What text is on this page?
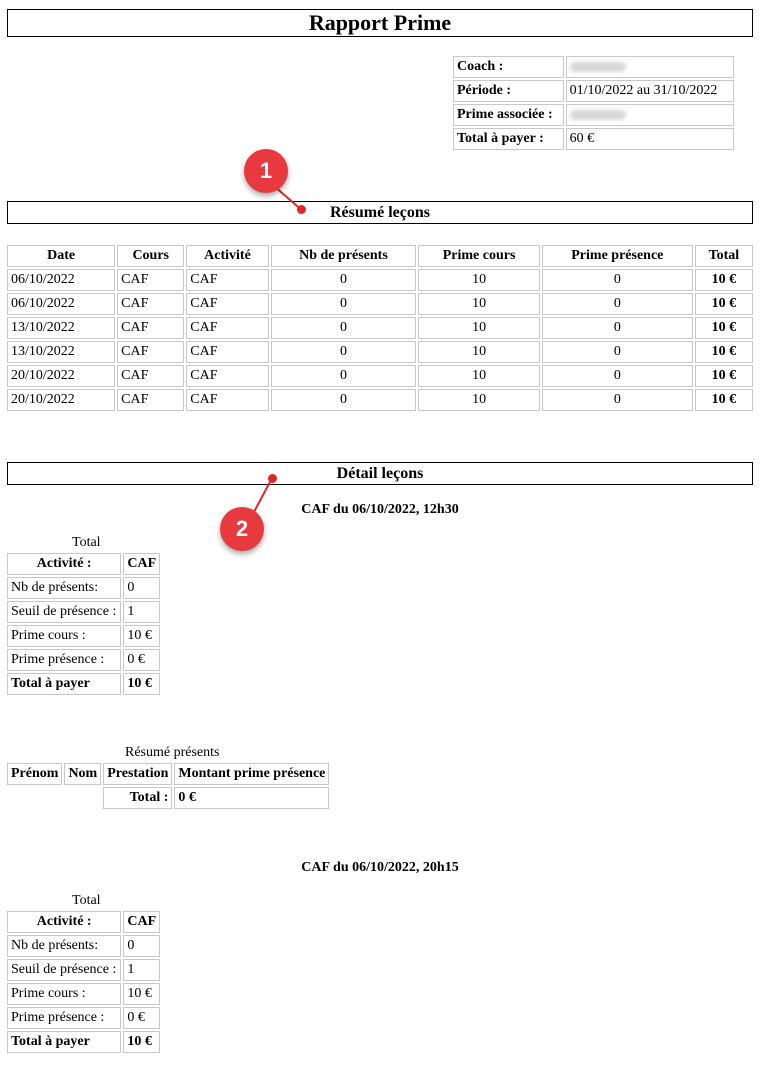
Rapport Prime
Coach :	
Période :	01/10/2022 au 31/10/2022
Prime associée :	
Total à payer :	60 €
Résumé leçons
Date	Cours	Activité	Nb de présents	Prime cours	Prime présence	Total
06/10/2022	CAF	CAF	0	10	0	10 €
06/10/2022	CAF	CAF	0	10	0	10 €
13/10/2022	CAF	CAF	0	10	0	10 €
13/10/2022	CAF	CAF	0	10	0	10 €
20/10/2022	CAF	CAF	0	10	0	10 €
20/10/2022	CAF	CAF	0	10	0	10 €
Détail leçons
CAF du 06/10/2022, 12h30
Total
Activité :	CAF
Nb de présents:	0
Seuil de présence :	1
Prime cours :	10 €
Prime présence :	0 €
Total à payer	10 €
Résumé présents
Prénom	Nom	Prestation	Montant prime présence
		Total :	0 €
CAF du 06/10/2022, 20h15
Total
Activité :	CAF
Nb de présents:	0
Seuil de présence :	1
Prime cours :	10 €
Prime présence :	0 €
Total à payer	10 €
1
2
